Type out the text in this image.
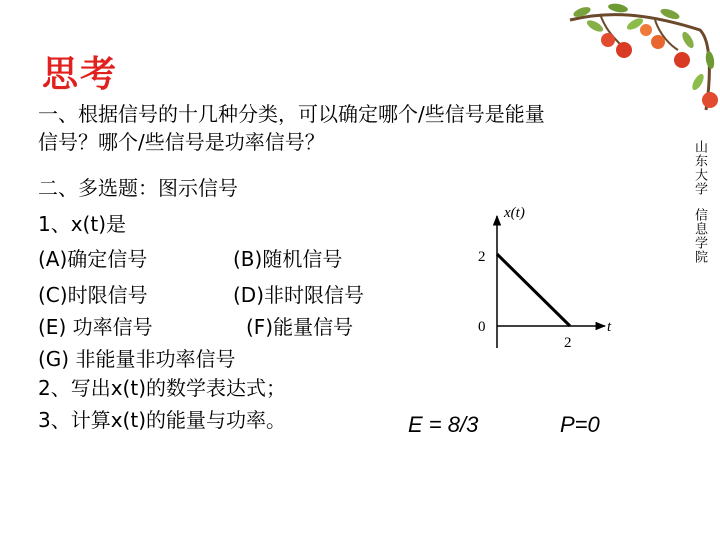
山东大学
信息学院
思考
一、根据信号的十几种分类，可以确定哪个/些信号是能量
信号？哪个/些信号是功率信号？
二、多选题：图示信号
1、x(t)是
(A)确定信号	(B)随机信号
(C)时限信号	(D)非时限信号
(E) 功率信号	(F)能量信号
(G) 非能量非功率信号
2、写出x(t)的数学表达式；
3、计算x(t)的能量与功率。	E = 8/3	P=0
x(t)
t
2
0
2
